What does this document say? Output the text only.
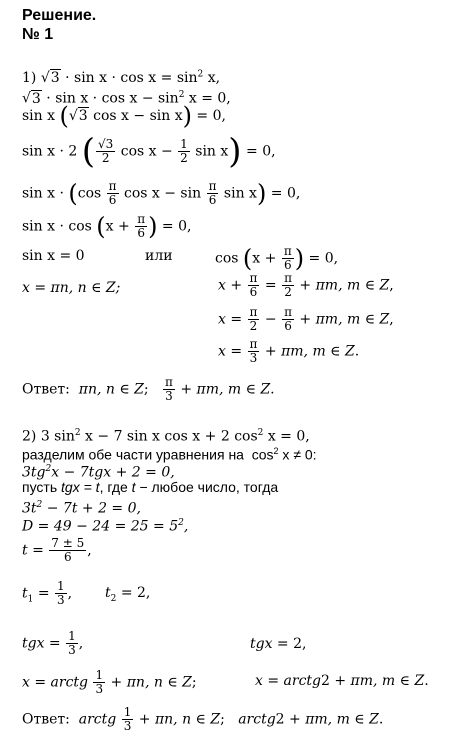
Решение.
№ 1
1) $√3 \cdot \sin x \cdot \cos x = \sin^2 x$,
$√3 \cdot \sin x \cdot \cos x - \sin^2 x = 0$,
sin x (√3 cos x − sin x) = 0,
sin x · 2 ( $\frac{√3}{2}$ $\cos x - \frac{1}{2}$ sin x) = 0,
$\sin x \cdot (\cos \frac{\pi}{6}$ $\cos x - \sin \frac{\pi}{6}$ sin x) = 0,
$\sin x \cdot \cos (x + \frac{\pi}{6}$ ) = 0,
sin x = 0	или	$\cos (x + \frac{\pi}{6}$ ) = 0,
x = πn, n ∈ Z;	$x + \frac{\pi}{6} = \frac{\pi}{2} + \pi m$, m ∈ Z,
$x = \frac{\pi}{2} - \frac{\pi}{6} + \pi m$, m ∈ Z,
$x = \frac{\pi}{3} + \pi m$, m ∈ Z.
Ответ: πn, n ∈ Z; $\frac{\pi}{3} + \pi m$, m ∈ Z.
2) 3 $\sin^2 x - 7$ sin x cos x + 2 $\cos^2 x = 0$,
разделим обе части уравнения на  $\cos^2 x \ne 0$:
$3tg^2x - 7tgx + 2 = 0$,
пусть tgx = t, где t − любое число, тогда
$3t^2 - 7t + 2 = 0$,
$D = 49 - 24 = 25 = 5^2$,
$t = \frac{7 \pm 5}{6}$ ,
$t_1 = \frac{1}{3}$ , $t_2 = 2$,
tgx = $\frac{1}{3}$ ,	tgx = 2,
x = arctg $\frac{1}{3} + \pi n$, n ∈ Z;	x = arctg2 + πm, m ∈ Z.
Ответ: arctg $\frac{1}{3} + \pi n$, n ∈ Z;   arctg2 + πm, m ∈ Z.
